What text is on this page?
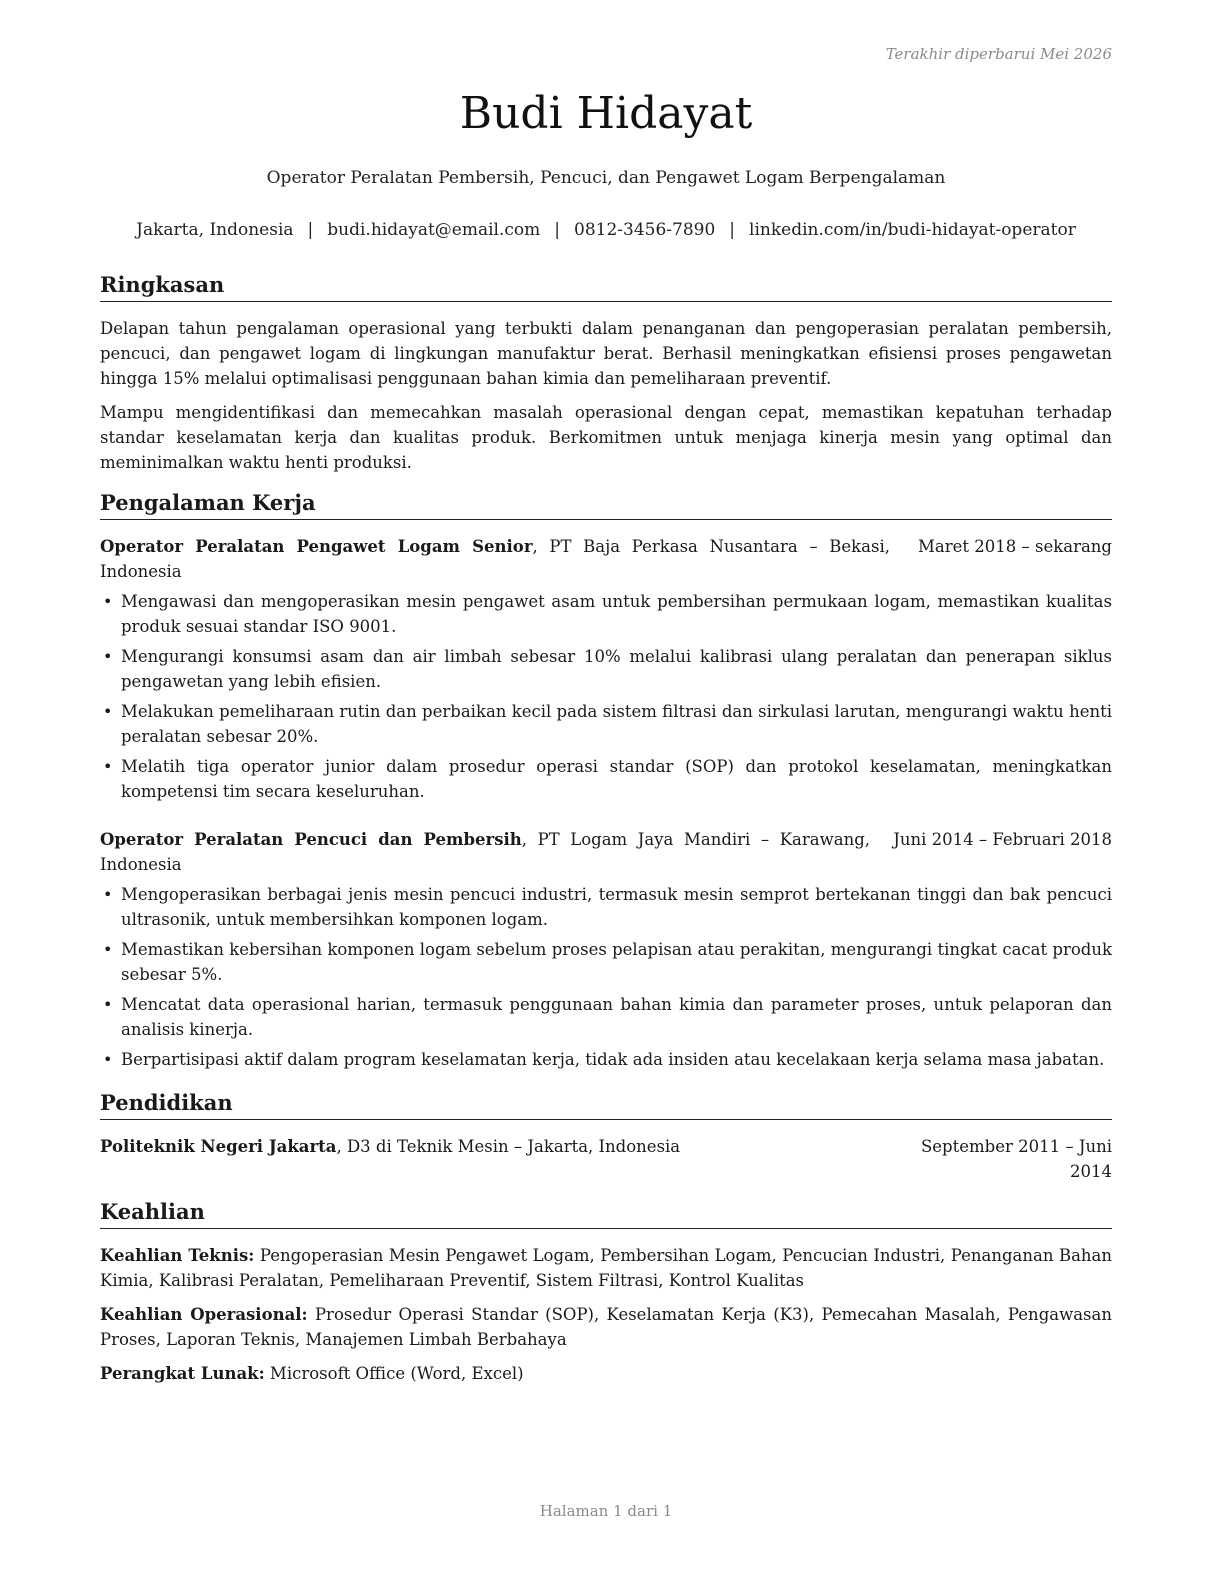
Terakhir diperbarui Mei 2026
Budi Hidayat
Operator Peralatan Pembersih, Pencuci, dan Pengawet Logam Berpengalaman
Jakarta, Indonesia | budi.hidayat@email.com | 0812-3456-7890 | linkedin.com/in/budi-hidayat-operator
Ringkasan

Delapan tahun pengalaman operasional yang terbukti dalam penanganan dan pengoperasian peralatan pembersih, pencuci, dan pengawet logam di lingkungan manufaktur berat. Berhasil meningkatkan efisiensi proses pengawetan hingga 15% melalui optimalisasi penggunaan bahan kimia dan pemeliharaan preventif.

Mampu mengidentifikasi dan memecahkan masalah operasional dengan cepat, memastikan kepatuhan terhadap standar keselamatan kerja dan kualitas produk. Berkomitmen untuk menjaga kinerja mesin yang optimal dan meminimalkan waktu henti produksi.

Pengalaman Kerja
Operator Peralatan Pengawet Logam Senior, PT Baja Perkasa Nusantara – Bekasi, Indonesia
Maret 2018 – sekarang
• Mengawasi dan mengoperasikan mesin pengawet asam untuk pembersihan permukaan logam, memastikan kualitas produk sesuai standar ISO 9001.
• Mengurangi konsumsi asam dan air limbah sebesar 10% melalui kalibrasi ulang peralatan dan penerapan siklus pengawetan yang lebih efisien.
• Melakukan pemeliharaan rutin dan perbaikan kecil pada sistem filtrasi dan sirkulasi larutan, mengurangi waktu henti peralatan sebesar 20%.
• Melatih tiga operator junior dalam prosedur operasi standar (SOP) dan protokol keselamatan, meningkatkan kompetensi tim secara keseluruhan.
Operator Peralatan Pencuci dan Pembersih, PT Logam Jaya Mandiri – Karawang, Indonesia
Juni 2014 – Februari 2018
• Mengoperasikan berbagai jenis mesin pencuci industri, termasuk mesin semprot bertekanan tinggi dan bak pencuci ultrasonik, untuk membersihkan komponen logam.
• Memastikan kebersihan komponen logam sebelum proses pelapisan atau perakitan, mengurangi tingkat cacat produk sebesar 5%.
• Mencatat data operasional harian, termasuk penggunaan bahan kimia dan parameter proses, untuk pelaporan dan analisis kinerja.
• Berpartisipasi aktif dalam program keselamatan kerja, tidak ada insiden atau kecelakaan kerja selama masa jabatan.
Pendidikan
Politeknik Negeri Jakarta, D3 di Teknik Mesin – Jakarta, Indonesia	September 2011 – Juni
2014
Keahlian

Keahlian Teknis: Pengoperasian Mesin Pengawet Logam, Pembersihan Logam, Pencucian Industri, Penanganan Bahan Kimia, Kalibrasi Peralatan, Pemeliharaan Preventif, Sistem Filtrasi, Kontrol Kualitas

Keahlian Operasional: Prosedur Operasi Standar (SOP), Keselamatan Kerja (K3), Pemecahan Masalah, Pengawasan Proses, Laporan Teknis, Manajemen Limbah Berbahaya

Perangkat Lunak: Microsoft Office (Word, Excel)

Halaman 1 dari 1
